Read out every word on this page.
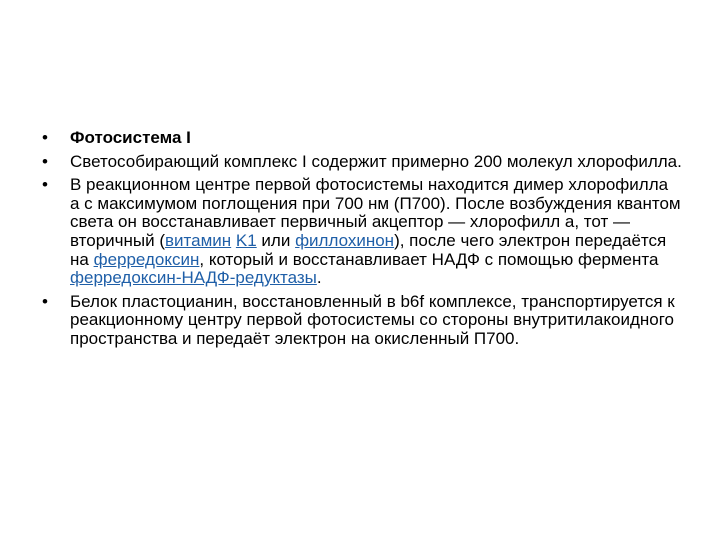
•
Фотосистема I
•
Светособирающий комплекс I содержит примерно 200 молекул хлорофилла.
•
В реакционном центре первой фотосистемы находится димер хлорофилла a с максимумом поглощения при 700 нм (П700). После возбуждения квантом света он восстанавливает первичный акцептор — хлорофилл a, тот — вторичный (витамин K1 или филлохинон), после чего электрон передаётся на ферредоксин, который и восстанавливает НАДФ с помощью фермента ферредоксин-НАДФ-редуктазы.
•
Белок пластоцианин, восстановленный в b6f комплексе, транспортируется к реакционному центру первой фотосистемы со стороны внутритилакоидного пространства и передаёт электрон на окисленный П700.
